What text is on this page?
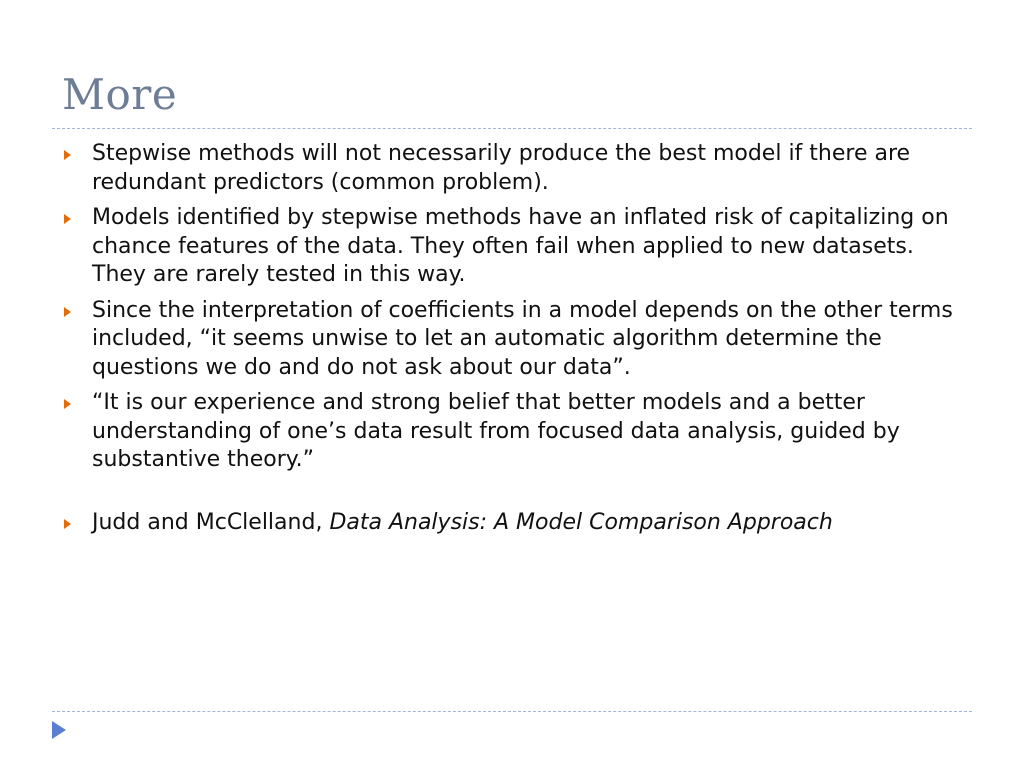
More
Stepwise methods will not necessarily produce the best model if there are redundant predictors (common problem).
Models identified by stepwise methods have an inflated risk of capitalizing on chance features of the data. They often fail when applied to new datasets. They are rarely tested in this way.
Since the interpretation of coefficients in a model depends on the other terms included, “it seems unwise to let an automatic algorithm determine the questions we do and do not ask about our data”.
“It is our experience and strong belief that better models and a better understanding of one’s data result from focused data analysis, guided by substantive theory.”
Judd and McClelland, Data Analysis: A Model Comparison Approach
